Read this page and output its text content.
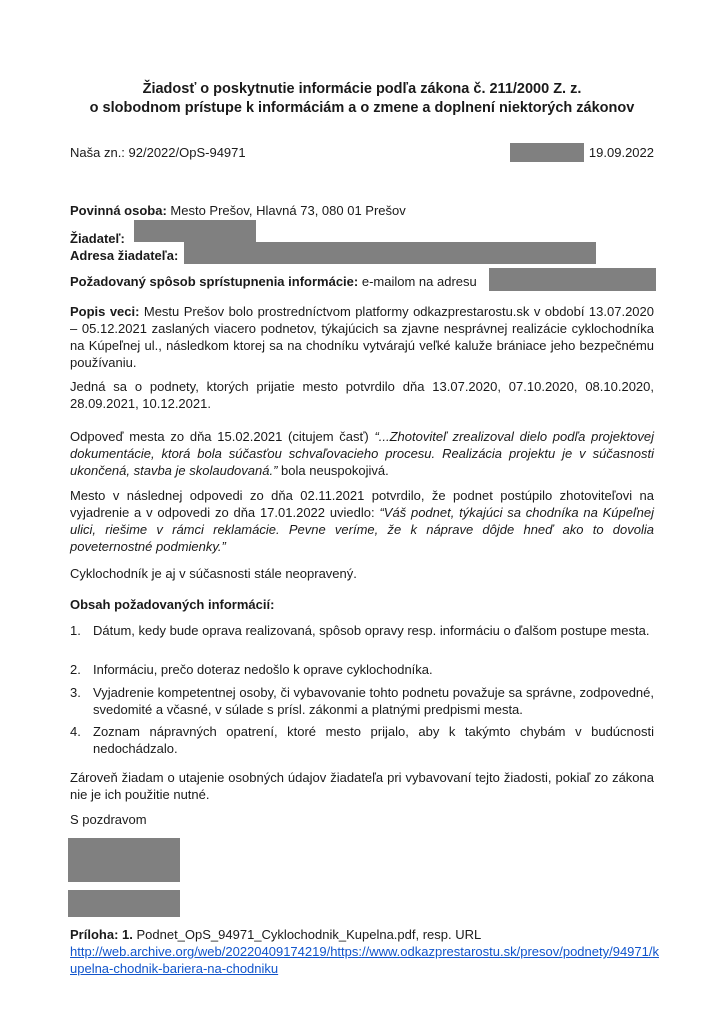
Žiadosť o poskytnutie informácie podľa zákona č. 211/2000 Z. z.
o slobodnom prístupe k informáciám a o zmene a doplnení niektorých zákonov
Naša zn.: 92/2022/OpS-94971	19.09.2022
Povinná osoba: Mesto Prešov, Hlavná 73, 080 01 Prešov
Žiadateľ:
Adresa žiadateľa:
Požadovaný spôsob sprístupnenia informácie: e-mailom na adresu
Popis veci: Mestu Prešov bolo prostredníctvom platformy odkazprestarostu.sk v období 13.07.2020 – 05.12.2021 zaslaných viacero podnetov, týkajúcich sa zjavne nesprávnej realizácie cyklochodníka na Kúpeľnej ul., následkom ktorej sa na chodníku vytvárajú veľké kaluže brániace jeho bezpečnému používaniu.
Jedná sa o podnety, ktorých prijatie mesto potvrdilo dňa 13.07.2020, 07.10.2020, 08.10.2020, 28.09.2021, 10.12.2021.
Odpoveď mesta zo dňa 15.02.2021 (citujem časť) “...Zhotoviteľ zrealizoval dielo podľa projektovej dokumentácie, ktorá bola súčasťou schvaľovacieho procesu. Realizácia projektu je v súčasnosti ukončená, stavba je skolaudovaná.” bola neuspokojivá.
Mesto v následnej odpovedi zo dňa 02.11.2021 potvrdilo, že podnet postúpilo zhotoviteľovi na vyjadrenie a v odpovedi zo dňa 17.01.2022 uviedlo: “Váš podnet, týkajúci sa chodníka na Kúpeľnej ulici, riešime v rámci reklamácie. Pevne veríme, že k náprave dôjde hneď ako to dovolia poveternostné podmienky.”
Cyklochodník je aj v súčasnosti stále neopravený.
Obsah požadovaných informácií:
1. Dátum, kedy bude oprava realizovaná, spôsob opravy resp. informáciu o ďalšom postupe mesta.
2. Informáciu, prečo doteraz nedošlo k oprave cyklochodníka.
3. Vyjadrenie kompetentnej osoby, či vybavovanie tohto podnetu považuje sa správne, zodpovedné, svedomité a včasné, v súlade s prísl. zákonmi a platnými predpismi mesta.
4. Zoznam nápravných opatrení, ktoré mesto prijalo, aby k takýmto chybám v budúcnosti nedochádzalo.
Zároveň žiadam o utajenie osobných údajov žiadateľa pri vybavovaní tejto žiadosti, pokiaľ zo zákona nie je ich použitie nutné.
S pozdravom
Príloha: 1. Podnet_OpS_94971_Cyklochodnik_Kupelna.pdf, resp. URL
http://web.archive.org/web/20220409174219/https://www.odkazprestarostu.sk/presov/podnety/94971/kupelna-chodnik-bariera-na-chodniku
